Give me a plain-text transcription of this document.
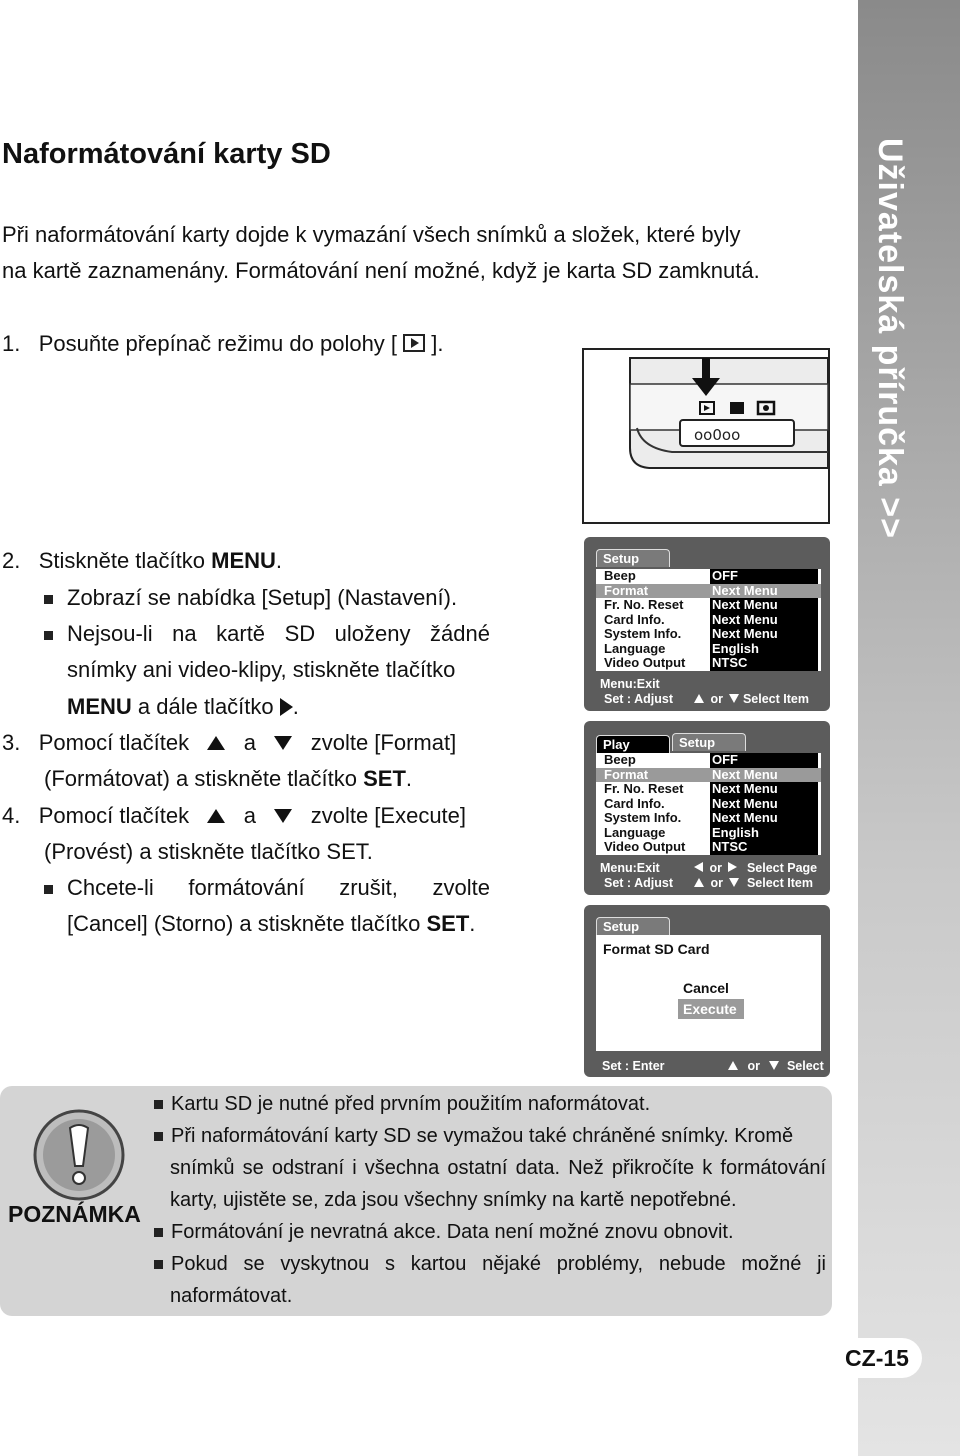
Uživatelská příručka >>
CZ-15
Naformátování karty SD
Při naformátování karty dojde k vymazání všech snímků a složek, které byly
na kartě zaznamenány. Formátování není možné, když je karta SD zamknutá.
1. Posuňte přepínač režimu do polohy [ ].
oo0oo
2. Stiskněte tlačítko MENU.
Zobrazí se nabídka [Setup] (Nastavení).
Nejsou-li na kartě SD uloženy žádné
snímky ani video-klipy, stiskněte tlačítko
MENU a dále tlačítko .
3. Pomocí tlačítek a zvolte [Format]
(Formátovat) a stiskněte tlačítko SET.
4. Pomocí tlačítek a zvolte [Execute]
(Provést) a stiskněte tlačítko SET.
Chcete-li formátování zrušit, zvolte
[Cancel] (Storno) a stiskněte tlačítko SET.
Setup
Beep	OFF
Format	Next Menu
Fr. No. Reset Next Menu
Card Info.	Next Menu
System Info. Next Menu
Language	English
Video Output NTSC
Menu:Exit
Set : Adjust	or Select Item
Play	Setup
Beep	OFF
Format	Next Menu
Fr. No. Reset Next Menu
Card Info.	Next Menu
System Info. Next Menu
Language	English
Video Output NTSC
Menu:Exit
Set : Adjust
or Select Page
or Select Item
Setup
Format SD Card
Cancel
Execute
Set : Enter	or Select
POZNÁMKA
Kartu SD je nutné před prvním použitím naformátovat.
Při naformátování karty SD se vymažou také chráněné snímky. Kromě
snímků se odstraní i všechna ostatní data. Než přikročíte k formátování
karty, ujistěte se, zda jsou všechny snímky na kartě nepotřebné.
Formátování je nevratná akce. Data není možné znovu obnovit.
Pokud se vyskytnou s kartou nějaké problémy, nebude možné ji
naformátovat.
